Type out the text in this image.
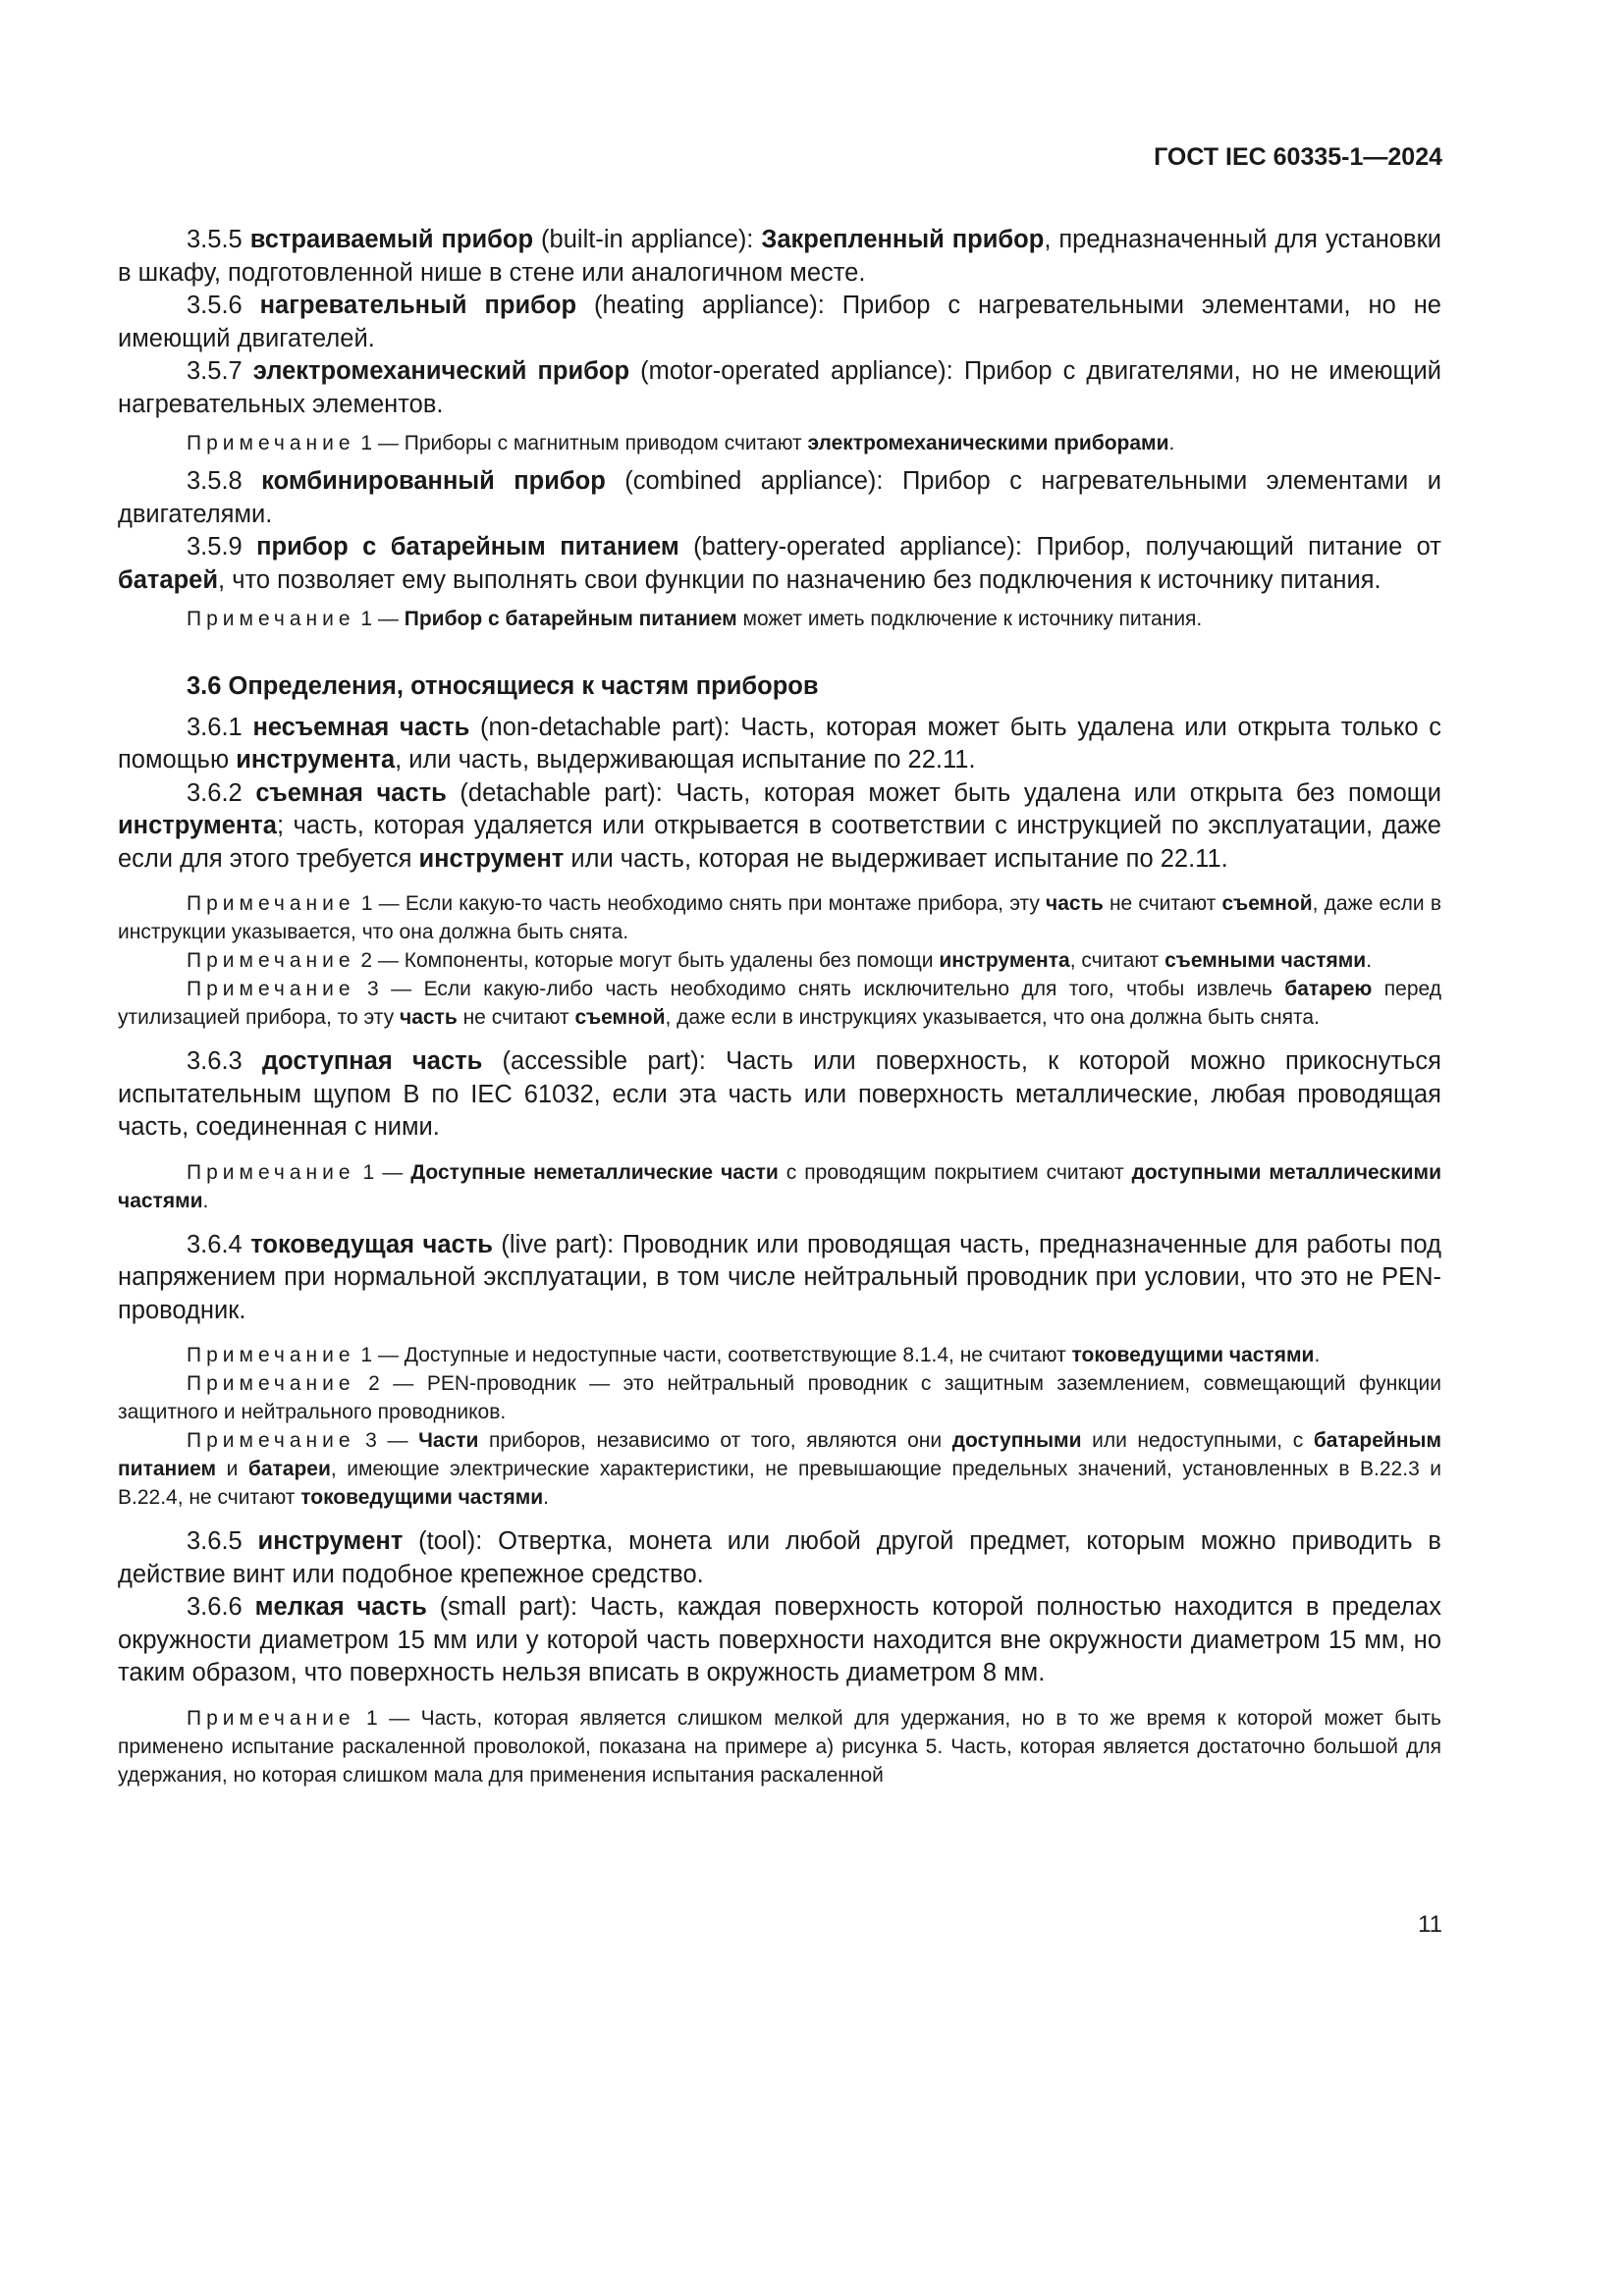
ГОСТ IEC 60335-1—2024

3.5.5 встраиваемый прибор (built-in appliance): Закрепленный прибор, предназначенный для установки в шкафу, подготовленной нише в стене или аналогичном месте.

3.5.6 нагревательный прибор (heating appliance): Прибор с нагревательными элементами, но не имеющий двигателей.

3.5.7 электромеханический прибор (motor-operated appliance): Прибор с двигателями, но не имеющий нагревательных элементов.

Примечание 1 — Приборы с магнитным приводом считают электромеханическими приборами.

3.5.8 комбинированный прибор (combined appliance): Прибор с нагревательными элементами и двигателями.

3.5.9 прибор с батарейным питанием (battery-operated appliance): Прибор, получающий питание от батарей, что позволяет ему выполнять свои функции по назначению без подключения к источнику питания.

Примечание 1 — Прибор с батарейным питанием может иметь подключение к источнику питания.

3.6 Определения, относящиеся к частям приборов

3.6.1 несъемная часть (non-detachable part): Часть, которая может быть удалена или открыта только с помощью инструмента, или часть, выдерживающая испытание по 22.11.

3.6.2 съемная часть (detachable part): Часть, которая может быть удалена или открыта без помощи инструмента; часть, которая удаляется или открывается в соответствии с инструкцией по эксплуатации, даже если для этого требуется инструмент или часть, которая не выдерживает испытание по 22.11.

Примечание 1 — Если какую-то часть необходимо снять при монтаже прибора, эту часть не считают съемной, даже если в инструкции указывается, что она должна быть снята.

Примечание 2 — Компоненты, которые могут быть удалены без помощи инструмента, считают съемными частями.

Примечание 3 — Если какую-либо часть необходимо снять исключительно для того, чтобы извлечь батарею перед утилизацией прибора, то эту часть не считают съемной, даже если в инструкциях указывается, что она должна быть снята.

3.6.3 доступная часть (accessible part): Часть или поверхность, к которой можно прикоснуться испытательным щупом B по IEC 61032, если эта часть или поверхность металлические, любая проводящая часть, соединенная с ними.

Примечание 1 — Доступные неметаллические части с проводящим покрытием считают доступными металлическими частями.

3.6.4 токоведущая часть (live part): Проводник или проводящая часть, предназначенные для работы под напряжением при нормальной эксплуатации, в том числе нейтральный проводник при условии, что это не PEN-проводник.

Примечание 1 — Доступные и недоступные части, соответствующие 8.1.4, не считают токоведущими частями.

Примечание 2 — PEN-проводник — это нейтральный проводник с защитным заземлением, совмещающий функции защитного и нейтрального проводников.

Примечание 3 — Части приборов, независимо от того, являются они доступными или недоступными, с батарейным питанием и батареи, имеющие электрические характеристики, не превышающие предельных значений, установленных в В.22.3 и В.22.4, не считают токоведущими частями.

3.6.5 инструмент (tool): Отвертка, монета или любой другой предмет, которым можно приводить в действие винт или подобное крепежное средство.

3.6.6 мелкая часть (small part): Часть, каждая поверхность которой полностью находится в пределах окружности диаметром 15 мм или у которой часть поверхности находится вне окружности диаметром 15 мм, но таким образом, что поверхность нельзя вписать в окружность диаметром 8 мм.

Примечание 1 — Часть, которая является слишком мелкой для удержания, но в то же время к которой может быть применено испытание раскаленной проволокой, показана на примере а) рисунка 5. Часть, которая является достаточно большой для удержания, но которая слишком мала для применения испытания раскаленной

11
